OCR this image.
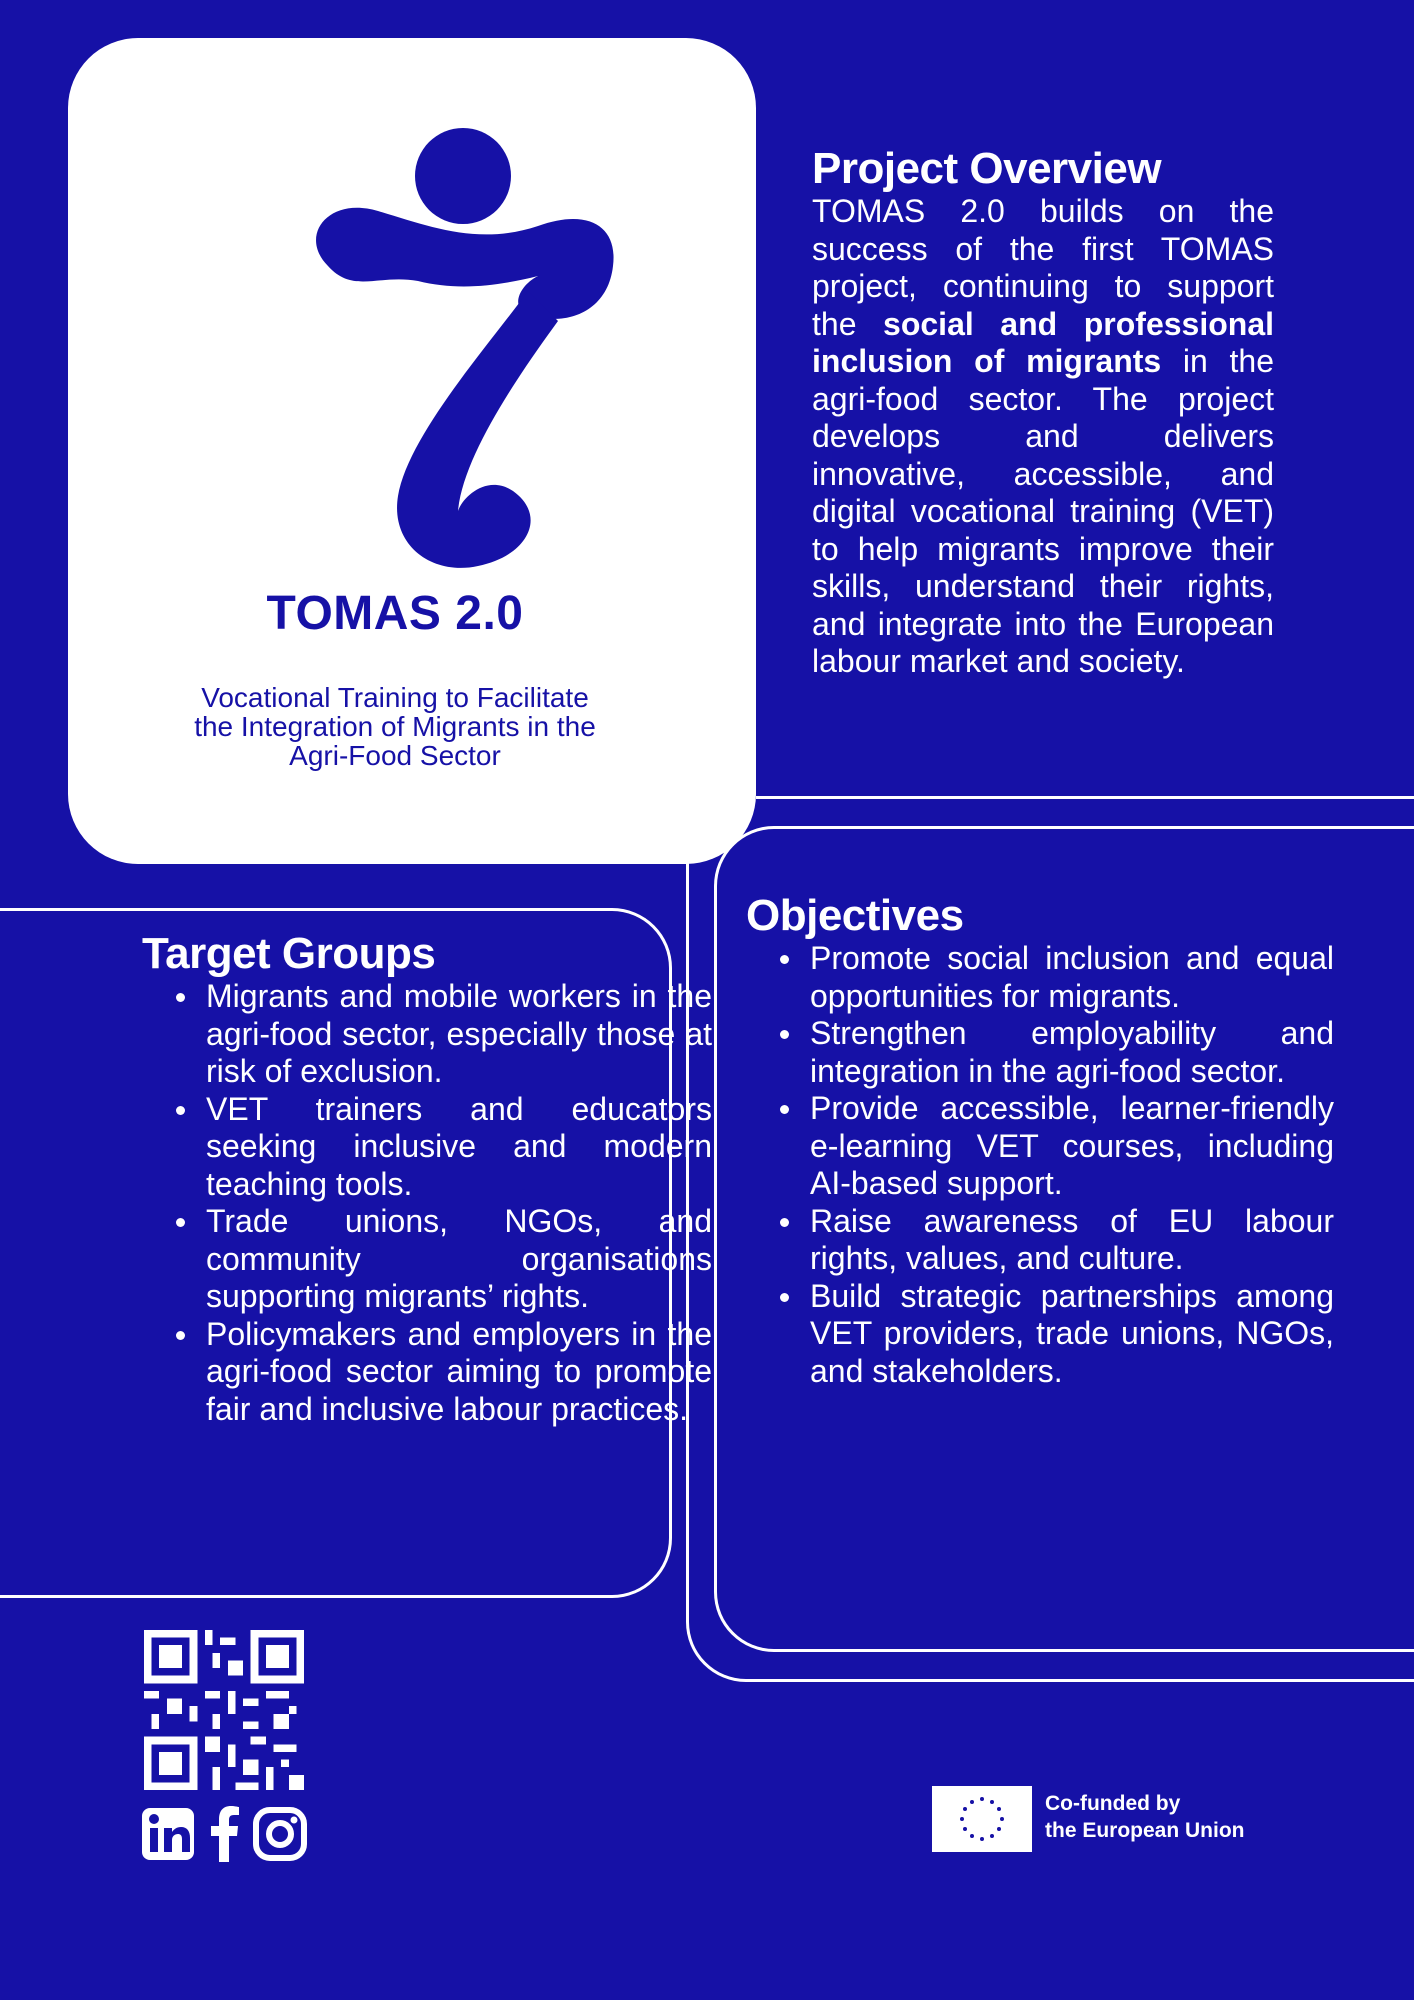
TOMAS 2.0
Vocational Training to Facilitate the Integration of Migrants in the Agri-Food Sector
Project Overview

TOMAS 2.0 builds on the success of the first TOMAS project, continuing to support the social and professional inclusion of migrants in the agri-food sector. The project develops and delivers innovative, accessible, and digital vocational training (VET) to help migrants improve their skills, understand their rights, and integrate into the European labour market and society.

Target Groups
Migrants and mobile workers in the agri-food sector, especially those at risk of exclusion.
VET trainers and educators seeking inclusive and modern teaching tools.
Trade unions, NGOs, and community organisations supporting migrants’ rights.
Policymakers and employers in the agri-food sector aiming to promote fair and inclusive labour practices.
Objectives
Promote social inclusion and equal opportunities for migrants.
Strengthen employability and integration in the agri-food sector.
Provide accessible, learner-friendly e-learning VET courses, including AI-based support.
Raise awareness of EU labour rights, values, and culture.
Build strategic partnerships among VET providers, trade unions, NGOs, and stakeholders.
Co-funded by
the European Union
